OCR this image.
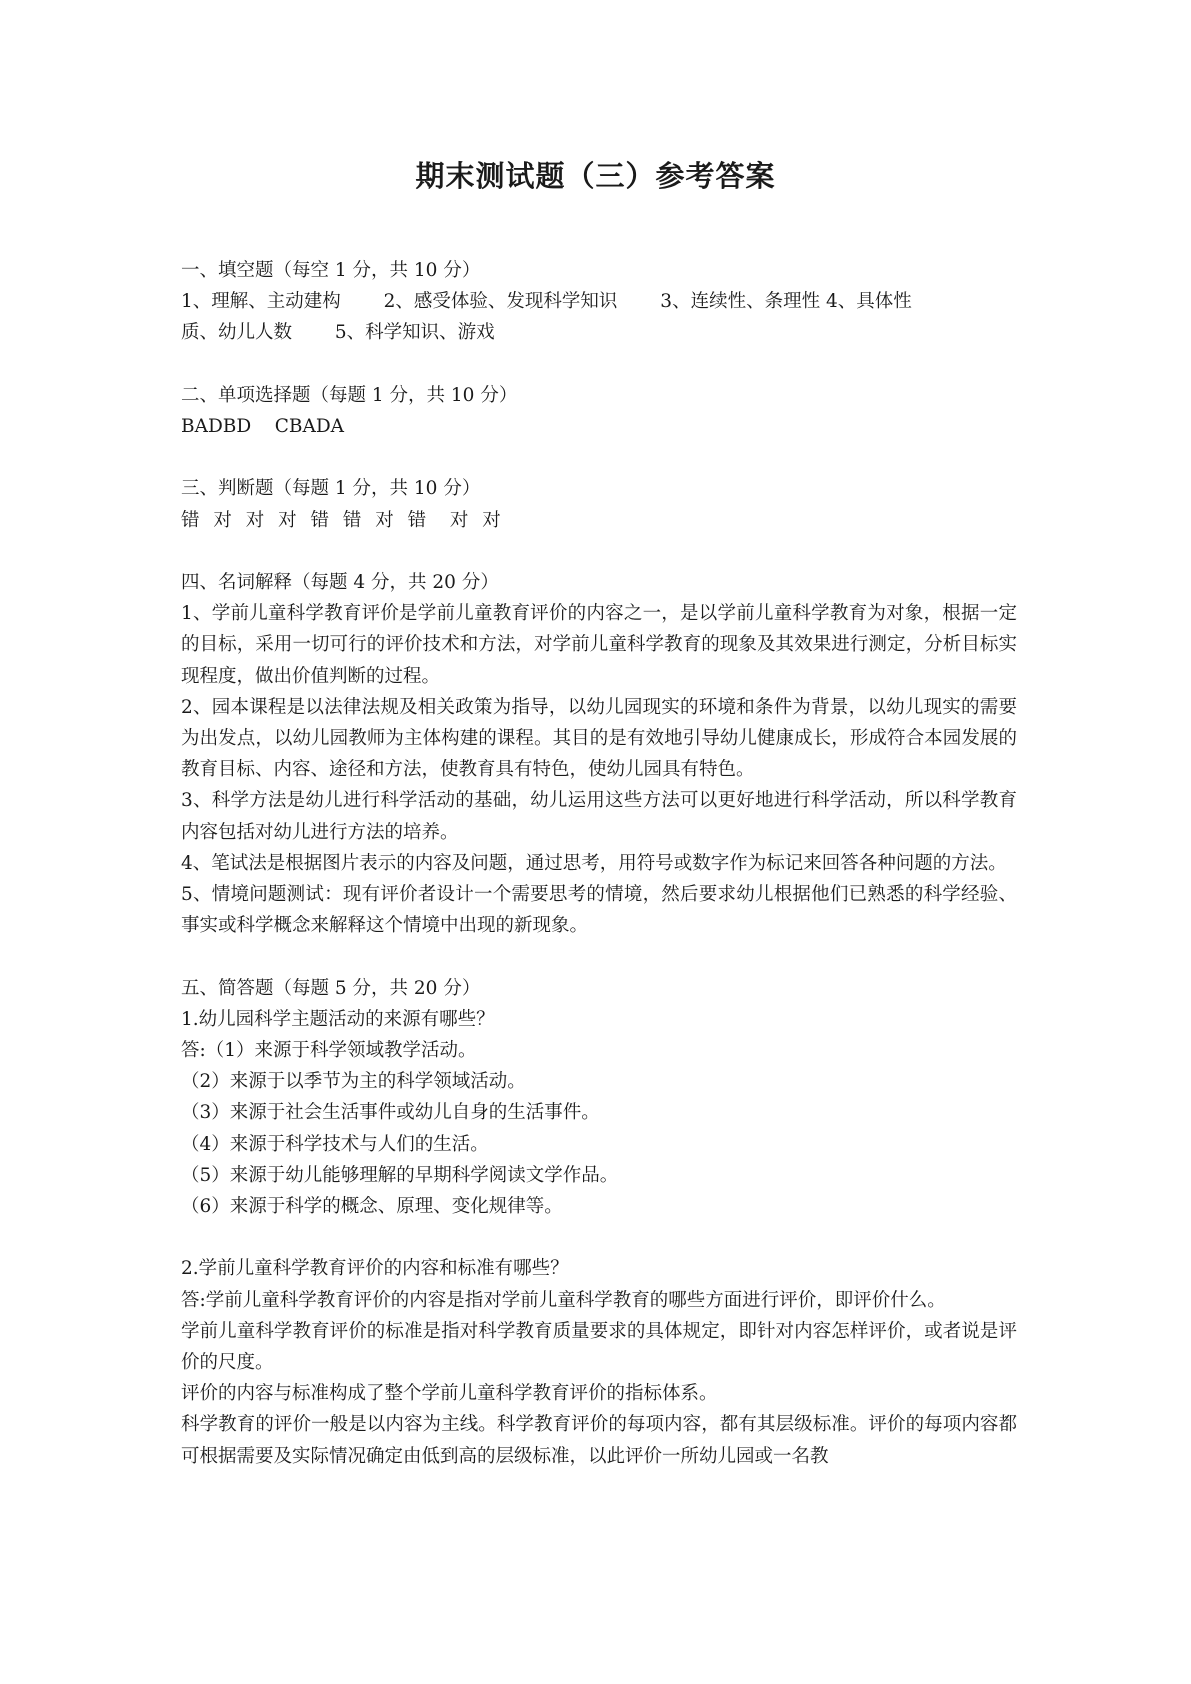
期末测试题（三）参考答案

一、填空题（每空 1 分，共 10 分）

1、理解、主动建构　　 2、感受体验、发现科学知识　　 3、连续性、条理性 4、具体性

质、幼儿人数　　 5、科学知识、游戏

二、单项选择题（每题 1 分，共 10 分）

BADBD    CBADA

三、判断题（每题 1 分，共 10 分）

错 对 对 对 错 错 对 错  对 对

四、名词解释（每题 4 分，共 20 分）

1、学前儿童科学教育评价是学前儿童教育评价的内容之一，是以学前儿童科学教育为对象，根据一定的目标，采用一切可行的评价技术和方法，对学前儿童科学教育的现象及其效果进行测定，分析目标实现程度，做出价值判断的过程。

2、园本课程是以法律法规及相关政策为指导，以幼儿园现实的环境和条件为背景，以幼儿现实的需要为出发点，以幼儿园教师为主体构建的课程。其目的是有效地引导幼儿健康成长，形成符合本园发展的教育目标、内容、途径和方法，使教育具有特色，使幼儿园具有特色。

3、科学方法是幼儿进行科学活动的基础，幼儿运用这些方法可以更好地进行科学活动，所以科学教育内容包括对幼儿进行方法的培养。

4、笔试法是根据图片表示的内容及问题，通过思考，用符号或数字作为标记来回答各种问题的方法。

5、情境问题测试：现有评价者设计一个需要思考的情境，然后要求幼儿根据他们已熟悉的科学经验、事实或科学概念来解释这个情境中出现的新现象。

五、简答题（每题 5 分，共 20 分）

1.幼儿园科学主题活动的来源有哪些？

答:（1）来源于科学领域教学活动。

（2）来源于以季节为主的科学领域活动。

（3）来源于社会生活事件或幼儿自身的生活事件。

（4）来源于科学技术与人们的生活。

（5）来源于幼儿能够理解的早期科学阅读文学作品。

（6）来源于科学的概念、原理、变化规律等。

2.学前儿童科学教育评价的内容和标准有哪些？

答:学前儿童科学教育评价的内容是指对学前儿童科学教育的哪些方面进行评价，即评价什么。

学前儿童科学教育评价的标准是指对科学教育质量要求的具体规定，即针对内容怎样评价，或者说是评价的尺度。

评价的内容与标准构成了整个学前儿童科学教育评价的指标体系。

科学教育的评价一般是以内容为主线。科学教育评价的每项内容，都有其层级标准。评价的每项内容都可根据需要及实际情况确定由低到高的层级标准，以此评价一所幼儿园或一名教
